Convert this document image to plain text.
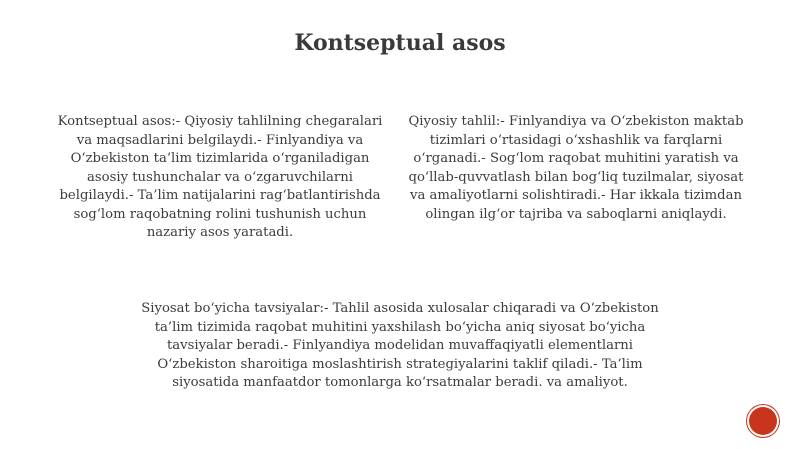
Kontseptual asos
Kontseptual asos:- Qiyosiy tahlilning chegaralari va maqsadlarini belgilaydi.- Finlyandiya va O‘zbekiston ta’lim tizimlarida o‘rganiladigan asosiy tushunchalar va o‘zgaruvchilarni belgilaydi.- Ta’lim natijalarini rag‘batlantirishda sog‘lom raqobatning rolini tushunish uchun nazariy asos yaratadi.
Qiyosiy tahlil:- Finlyandiya va O‘zbekiston maktab tizimlari o‘rtasidagi o‘xshashlik va farqlarni o‘rganadi.- Sog‘lom raqobat muhitini yaratish va qo‘llab-quvvatlash bilan bog‘liq tuzilmalar, siyosat va amaliyotlarni solishtiradi.- Har ikkala tizimdan olingan ilg‘or tajriba va saboqlarni aniqlaydi.
Siyosat bo‘yicha tavsiyalar:- Tahlil asosida xulosalar chiqaradi va O‘zbekiston ta’lim tizimida raqobat muhitini yaxshilash bo‘yicha aniq siyosat bo‘yicha tavsiyalar beradi.- Finlyandiya modelidan muvaffaqiyatli elementlarni O‘zbekiston sharoitiga moslashtirish strategiyalarini taklif qiladi.- Ta’lim siyosatida manfaatdor tomonlarga ko‘rsatmalar beradi. va amaliyot.
